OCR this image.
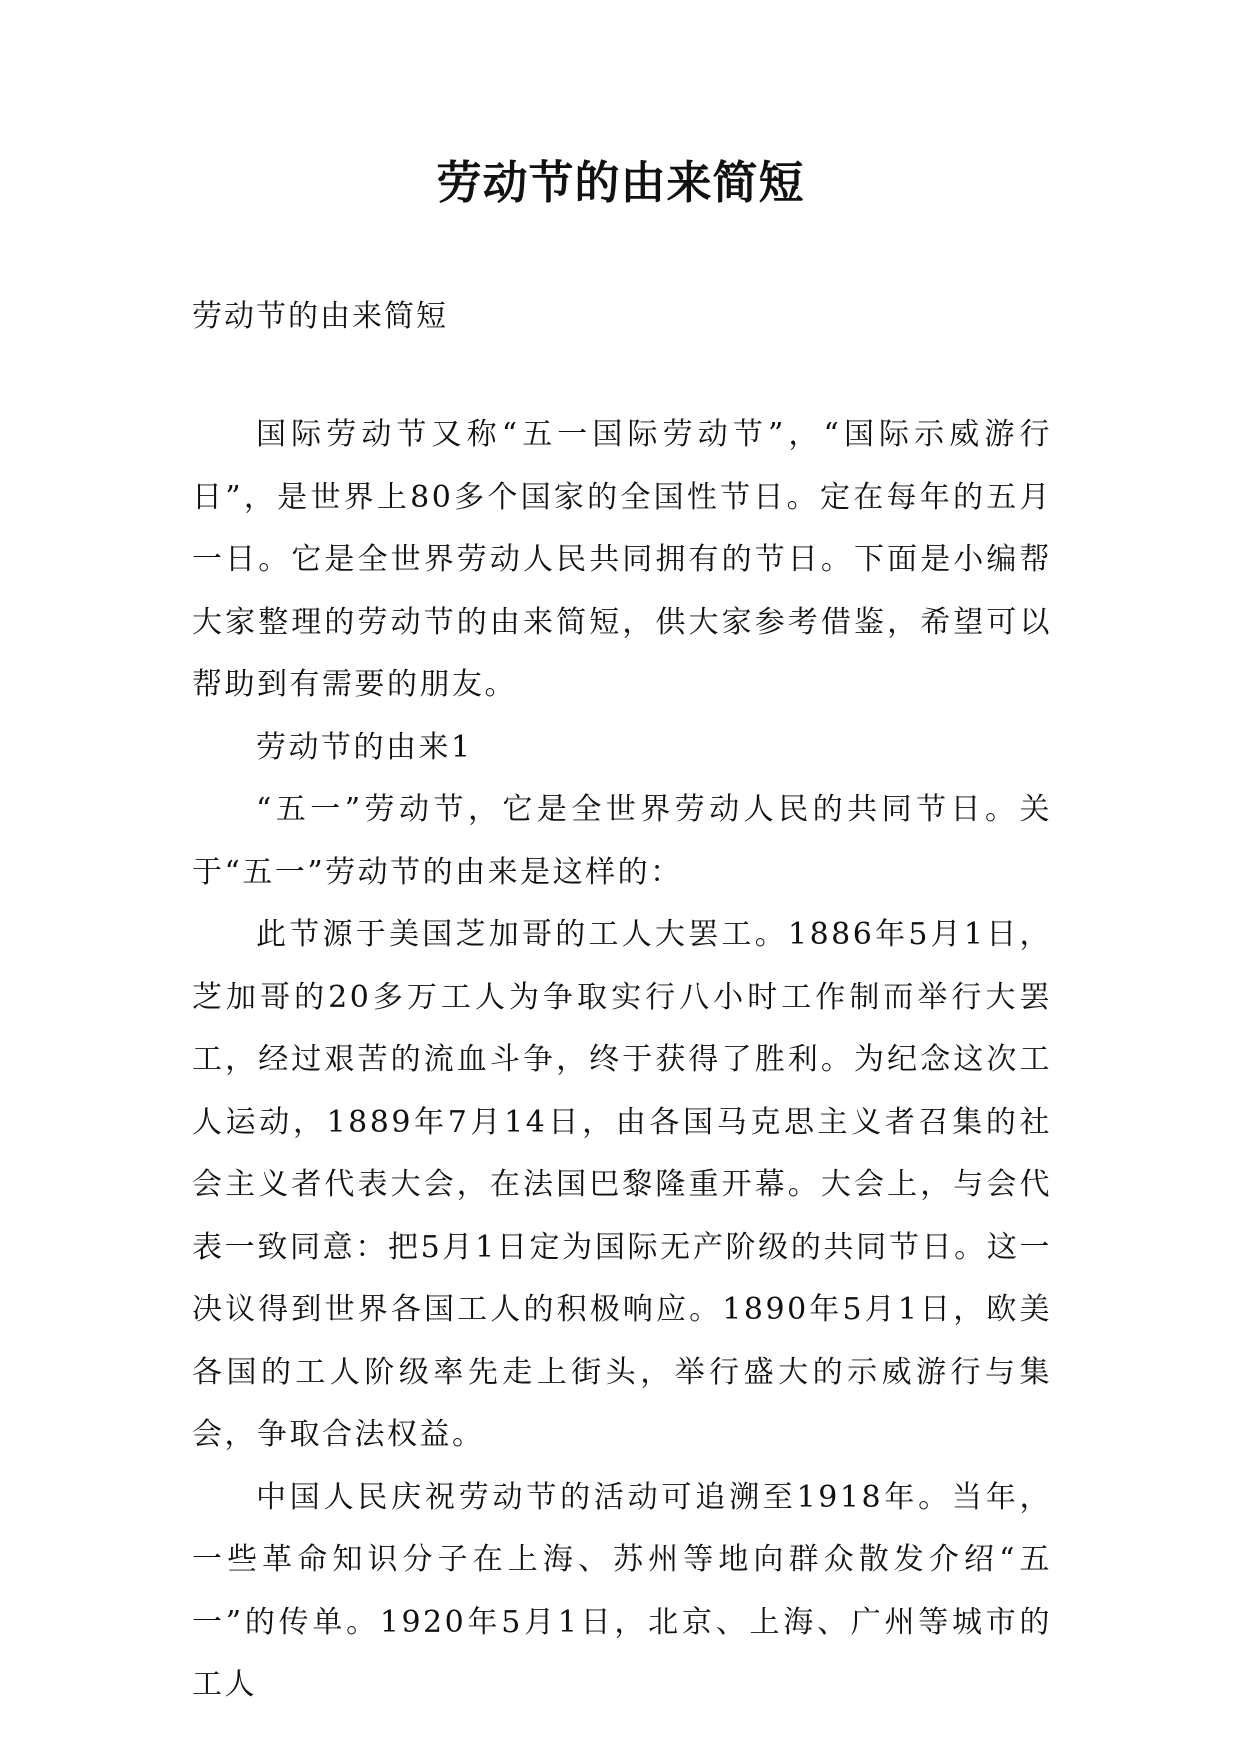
劳动节的由来简短
劳动节的由来简短

国际劳动节又称“五一国际劳动节”，“国际示威游行日”，是世界上80多个国家的全国性节日。定在每年的五月一日。它是全世界劳动人民共同拥有的节日。下面是小编帮大家整理的劳动节的由来简短，供大家参考借鉴，希望可以帮助到有需要的朋友。

劳动节的由来1

“五一”劳动节，它是全世界劳动人民的共同节日。关于“五一”劳动节的由来是这样的：

此节源于美国芝加哥的工人大罢工。1886年5月1日，芝加哥的20多万工人为争取实行八小时工作制而举行大罢工，经过艰苦的流血斗争，终于获得了胜利。为纪念这次工人运动，1889年7月14日，由各国马克思主义者召集的社会主义者代表大会，在法国巴黎隆重开幕。大会上，与会代表一致同意：把5月1日定为国际无产阶级的共同节日。这一决议得到世界各国工人的积极响应。1890年5月1日，欧美各国的工人阶级率先走上街头，举行盛大的示威游行与集会，争取合法权益。

中国人民庆祝劳动节的活动可追溯至1918年。当年，一些革命知识分子在上海、苏州等地向群众散发介绍“五一”的传单。1920年5月1日，北京、上海、广州等城市的工人
